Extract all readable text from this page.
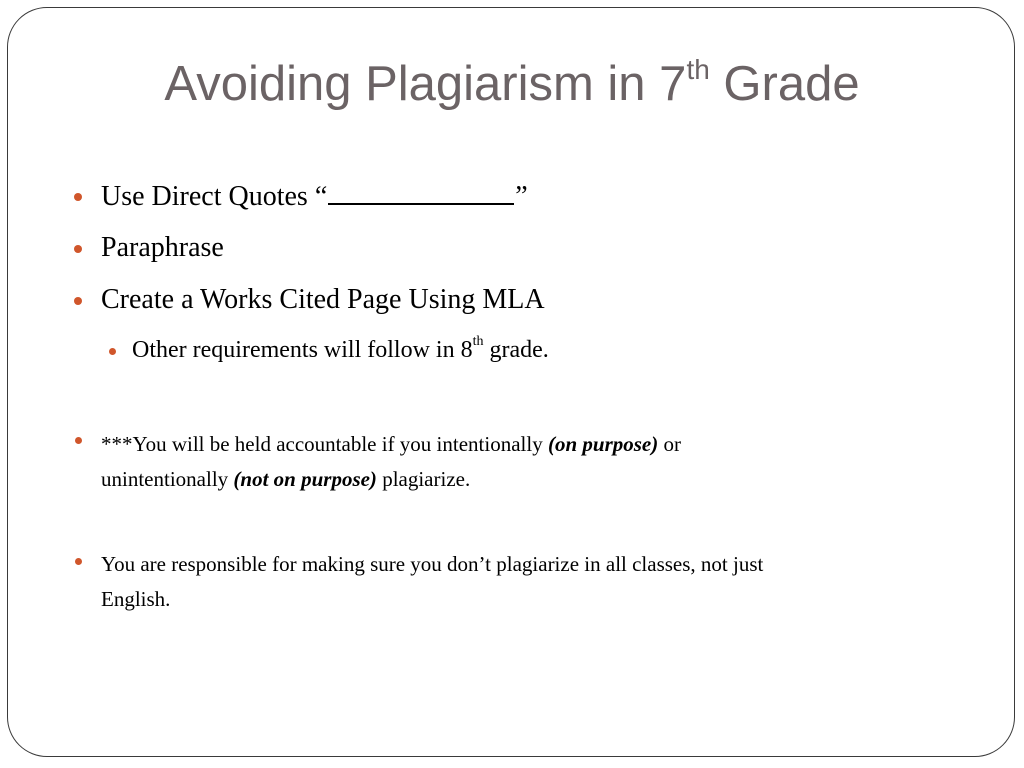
Avoiding Plagiarism in 7th Grade
Use Direct Quotes “	”
Paraphrase
Create a Works Cited Page Using MLA
Other requirements will follow in 8th grade.
***You will be held accountable if you intentionally (on purpose) or
unintentionally (not on purpose) plagiarize.
You are responsible for making sure you don’t plagiarize in all classes, not just
English.
